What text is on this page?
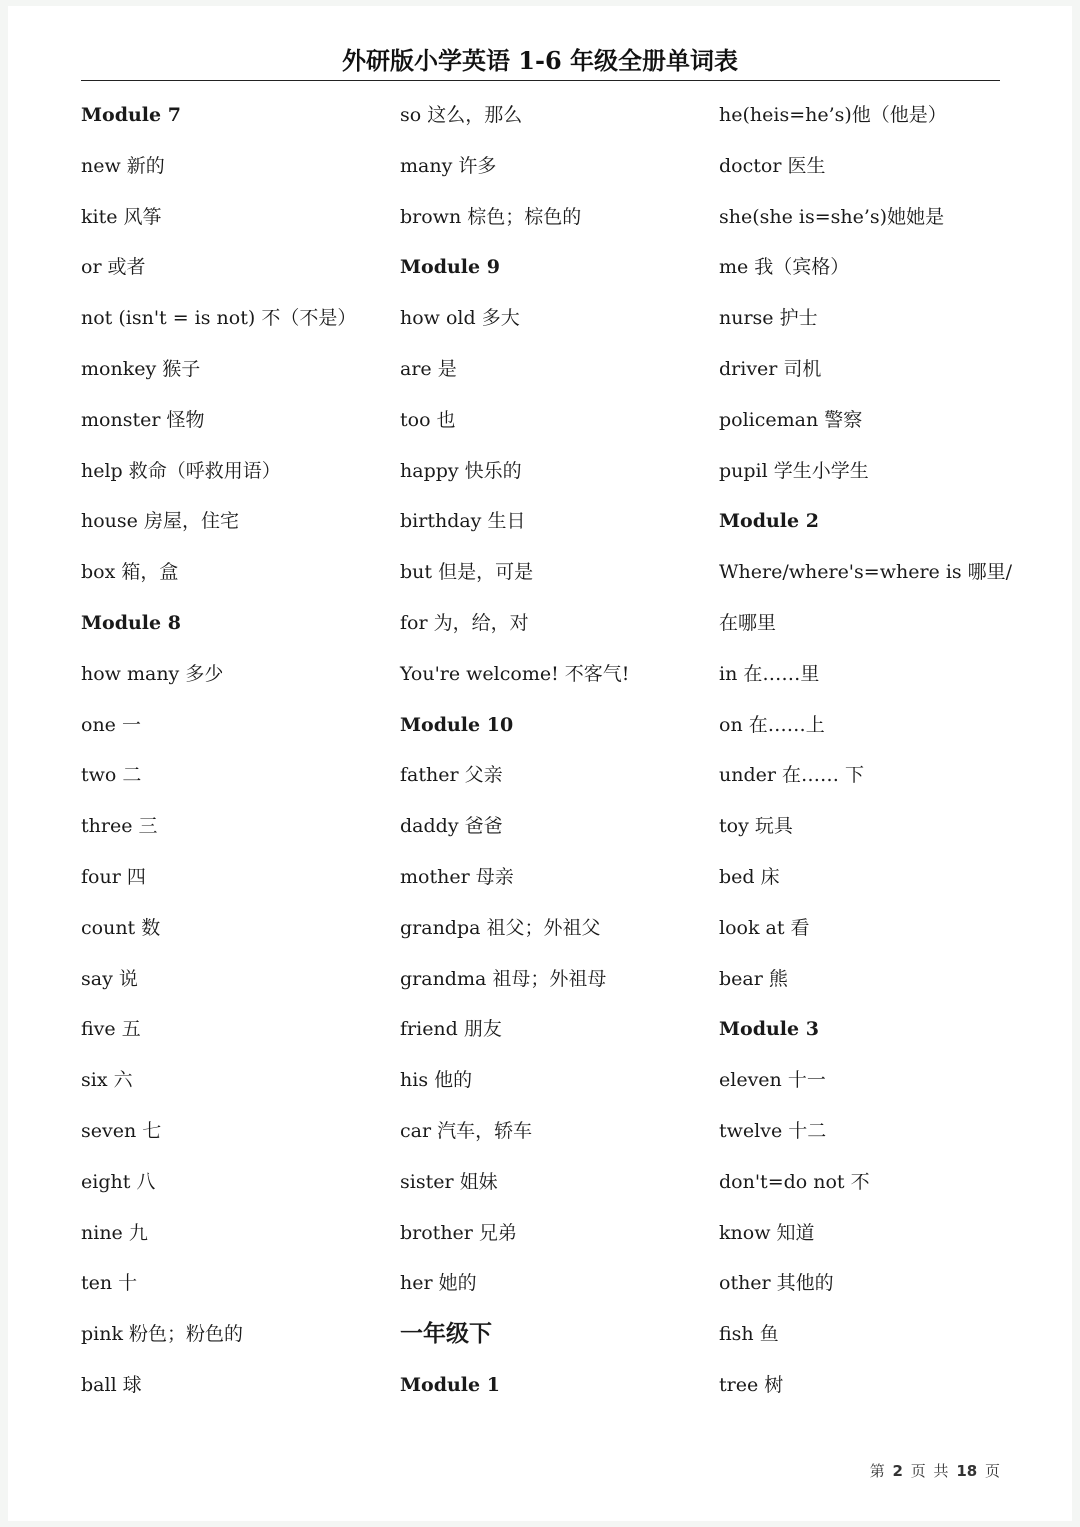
外研版小学英语 1-6 年级全册单词表
Module 7
new 新的
kite 风筝
or 或者
not (isn't = is not) 不（不是）
monkey 猴子
monster 怪物
help 救命（呼救用语）
house 房屋，住宅
box 箱，盒
Module 8
how many 多少
one 一
two 二
three 三
four 四
count 数
say 说
five 五
six 六
seven 七
eight 八
nine 九
ten 十
pink 粉色；粉色的
ball 球
so 这么，那么
many 许多
brown 棕色；棕色的
Module 9
how old 多大
are 是
too 也
happy 快乐的
birthday 生日
but 但是，可是
for 为，给，对
You're welcome! 不客气!
Module 10
father 父亲
daddy 爸爸
mother 母亲
grandpa 祖父；外祖父
grandma 祖母；外祖母
friend 朋友
his 他的
car 汽车，轿车
sister 姐妹
brother 兄弟
her 她的
一年级下
Module 1
he(heis=he’s)他（他是）
doctor 医生
she(she is=she’s)她她是
me 我（宾格）
nurse 护士
driver 司机
policeman 警察
pupil 学生小学生
Module 2
Where/where's=where is 哪里/
在哪里
in 在……里
on 在……上
under 在…… 下
toy 玩具
bed 床
look at 看
bear 熊
Module 3
eleven 十一
twelve 十二
don't=do not 不
know 知道
other 其他的
fish 鱼
tree 树
第 2 页 共 18 页
